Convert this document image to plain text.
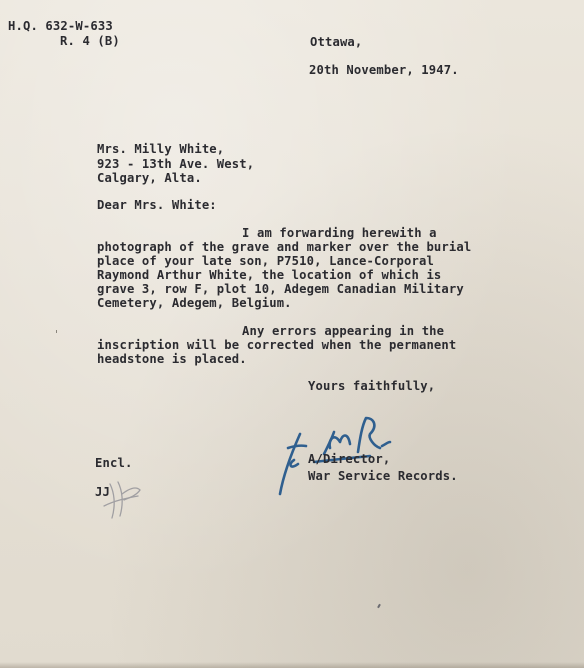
H.Q. 632-W-633
R. 4 (B)	Ottawa,
20th November, 1947.
Mrs. Milly White,
923 - 13th Ave. West,
Calgary, Alta.
Dear Mrs. White:
I am forwarding herewith a
photograph of the grave and marker over the burial
place of your late son, P7510, Lance-Corporal
Raymond Arthur White, the location of which is
grave 3, row F, plot 10, Adegem Canadian Military
Cemetery, Adegem, Belgium.
Any errors appearing in the
inscription will be corrected when the permanent
headstone is placed.
Yours faithfully,
A/Director,
War Service Records.
Encl.
JJ
